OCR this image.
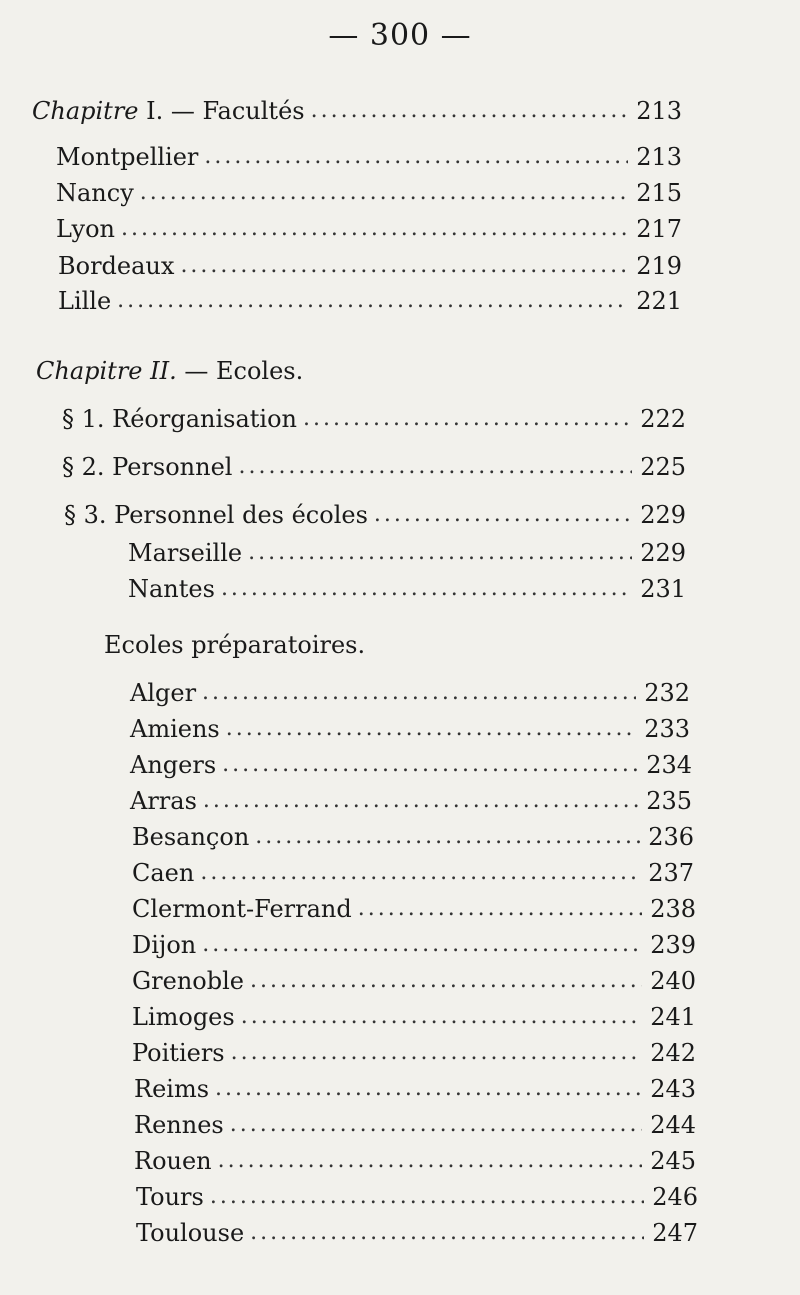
— 300 —
Chapitre I. — Facultés .....	213
Montpellier .....	213
Nancy .....	215
Lyon .....	217
Bordeaux .....	219
Lille .....	221
Chapitre II. — Ecoles.
§ 1. Réorganisation .....	222
§ 2. Personnel .....	225
§ 3. Personnel des écoles .....	229
Marseille .....	229
Nantes .....	231
Ecoles préparatoires.
Alger .....	232
Amiens .....	233
Angers .....	234
Arras .....	235
Besançon .....	236
Caen .....	237
Clermont-Ferrand .....	238
Dijon .....	239
Grenoble .....	240
Limoges .....	241
Poitiers .....	242
Reims .....	243
Rennes .....	244
Rouen .....	245
Tours .....	246
Toulouse .....	247
